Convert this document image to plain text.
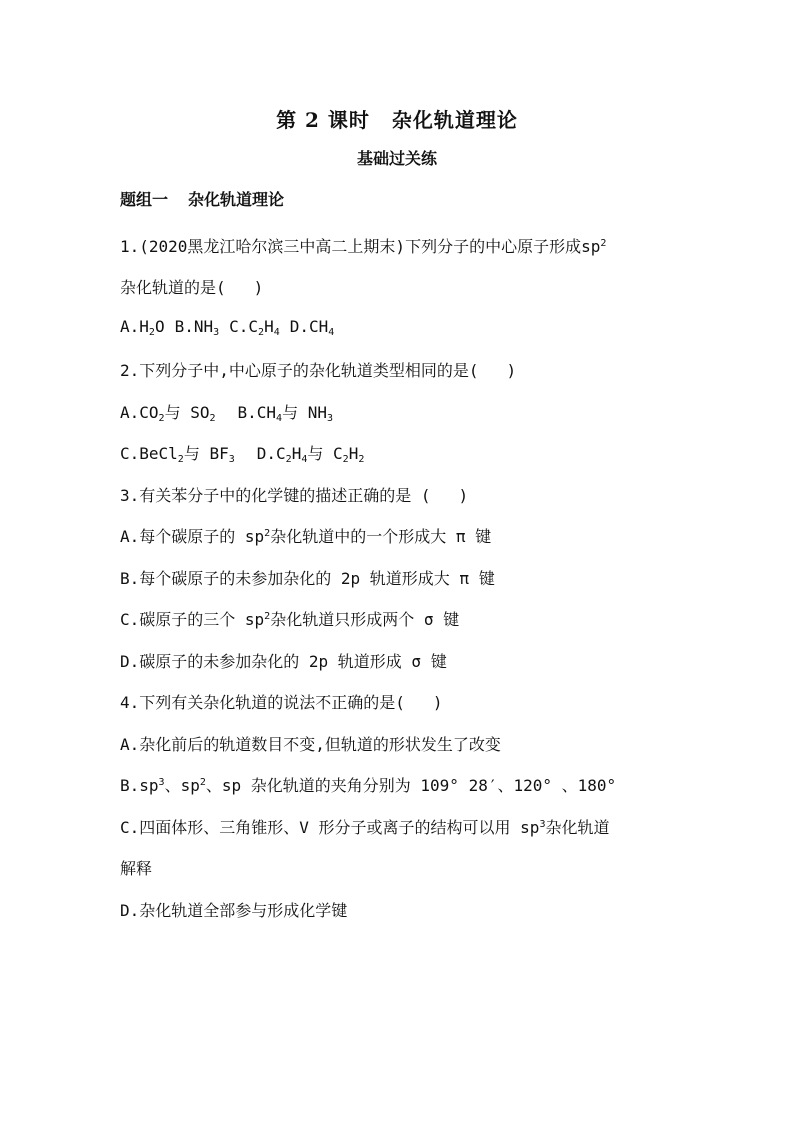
第 2 课时 杂化轨道理论
基础过关练
题组一 杂化轨道理论
1.(2020黑龙江哈尔滨三中高二上期末)下列分子的中心原子形成$sp^2$
杂化轨道的是( )
$A.H_2O$ $B.NH_3$ $C.C_2H_4$ $D.CH_4$
2.下列分子中,中心原子的杂化轨道类型相同的是( )
$A.CO_2$与 $SO_2$ $B.CH_4$与 $NH_3$
C.BeCl$_2$与 $BF_3$ $D.C_2H_4$与 $C_2H_2$
3.有关苯分子中的化学键的描述正确的是 ( )
A.每个碳原子的 $sp^2$杂化轨道中的一个形成大 π 键
B.每个碳原子的未参加杂化的 2p 轨道形成大 π 键
C.碳原子的三个 $sp^2$杂化轨道只形成两个 σ 键
D.碳原子的未参加杂化的 2p 轨道形成 σ 键
4.下列有关杂化轨道的说法不正确的是( )
A.杂化前后的轨道数目不变,但轨道的形状发生了改变
$B.sp^3$、$sp^2$、sp 杂化轨道的夹角分别为 109° 28′、120° 、180°
C.四面体形、三角锥形、V 形分子或离子的结构可以用 $sp^3$杂化轨道
解释
D.杂化轨道全部参与形成化学键
